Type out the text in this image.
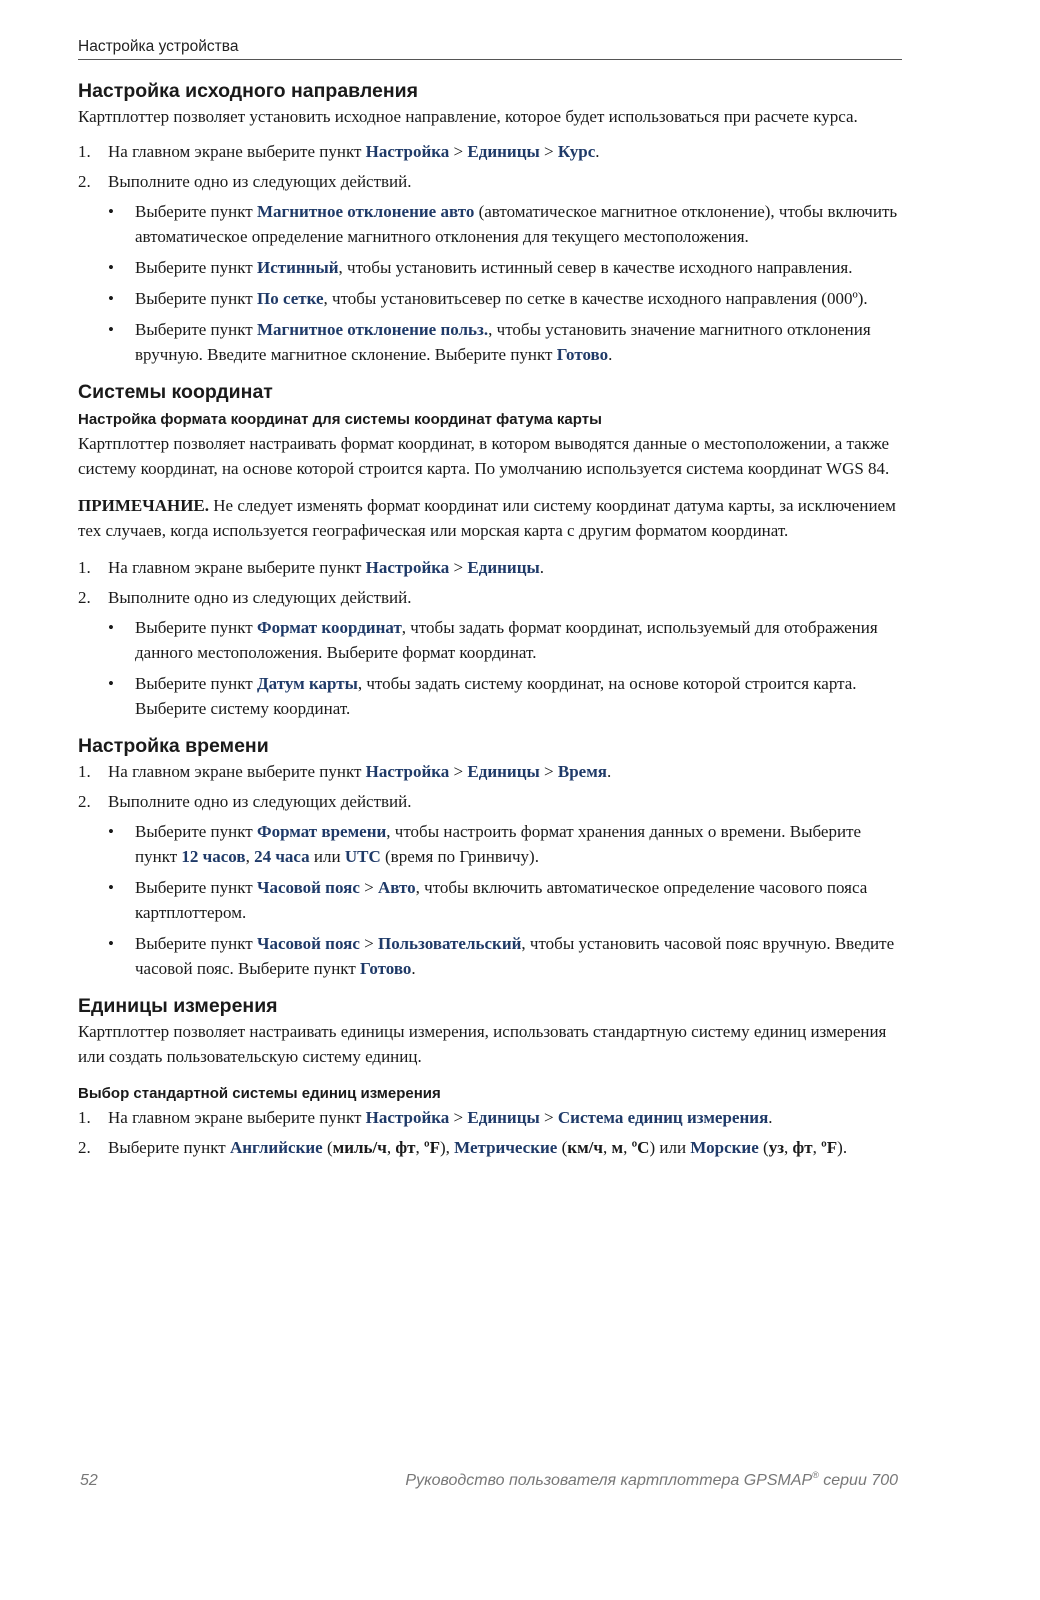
Настройка устройства
Настройка исходного направления

Картплоттер позволяет установить исходное направление, которое будет использоваться при расчете курса.

1. На главном экране выберите пункт Настройка > Единицы > Курс.
2. Выполните одно из следующих действий.
• Выберите пункт Магнитное отклонение авто (автоматическое магнитное отклонение), чтобы включить автоматическое определение магнитного отклонения для текущего местоположения.
• Выберите пункт Истинный, чтобы установить истинный север в качестве исходного направления.
• Выберите пункт По сетке, чтобы установитьсевер по сетке в качестве исходного направления (000º).
• Выберите пункт Магнитное отклонение польз., чтобы установить значение магнитного отклонения вручную. Введите магнитное склонение. Выберите пункт Готово.
Системы координат
Настройка формата координат для системы координат фатума карты

Картплоттер позволяет настраивать формат координат, в котором выводятся данные о местоположении, а также систему координат, на основе которой строится карта. По умолчанию используется система координат WGS 84.

ПРИМЕЧАНИЕ. Не следует изменять формат координат или систему координат датума карты, за исключением тех случаев, когда используется географическая или морская карта с другим форматом координат.

1. На главном экране выберите пункт Настройка > Единицы.
2. Выполните одно из следующих действий.
• Выберите пункт Формат координат, чтобы задать формат координат, используемый для отображения данного местоположения. Выберите формат координат.
• Выберите пункт Датум карты, чтобы задать систему координат, на основе которой строится карта. Выберите систему координат.
Настройка времени
1. На главном экране выберите пункт Настройка > Единицы > Время.
2. Выполните одно из следующих действий.
• Выберите пункт Формат времени, чтобы настроить формат хранения данных о времени. Выберите пункт 12 часов, 24 часа или UTC (время по Гринвичу).
• Выберите пункт Часовой пояс > Авто, чтобы включить автоматическое определение часового пояса картплоттером.
• Выберите пункт Часовой пояс > Пользовательский, чтобы установить часовой пояс вручную. Введите часовой пояс. Выберите пункт Готово.
Единицы измерения

Картплоттер позволяет настраивать единицы измерения, использовать стандартную систему единиц измерения или создать пользовательскую систему единиц.

Выбор стандартной системы единиц измерения
1. На главном экране выберите пункт Настройка > Единицы > Система единиц измерения.
2. Выберите пункт Английские (миль/ч, фт, ºF), Метрические (км/ч, м, ºC) или Морские (уз, фт, ºF).
52	Руководство пользователя картплоттера GPSMAP® серии 700
